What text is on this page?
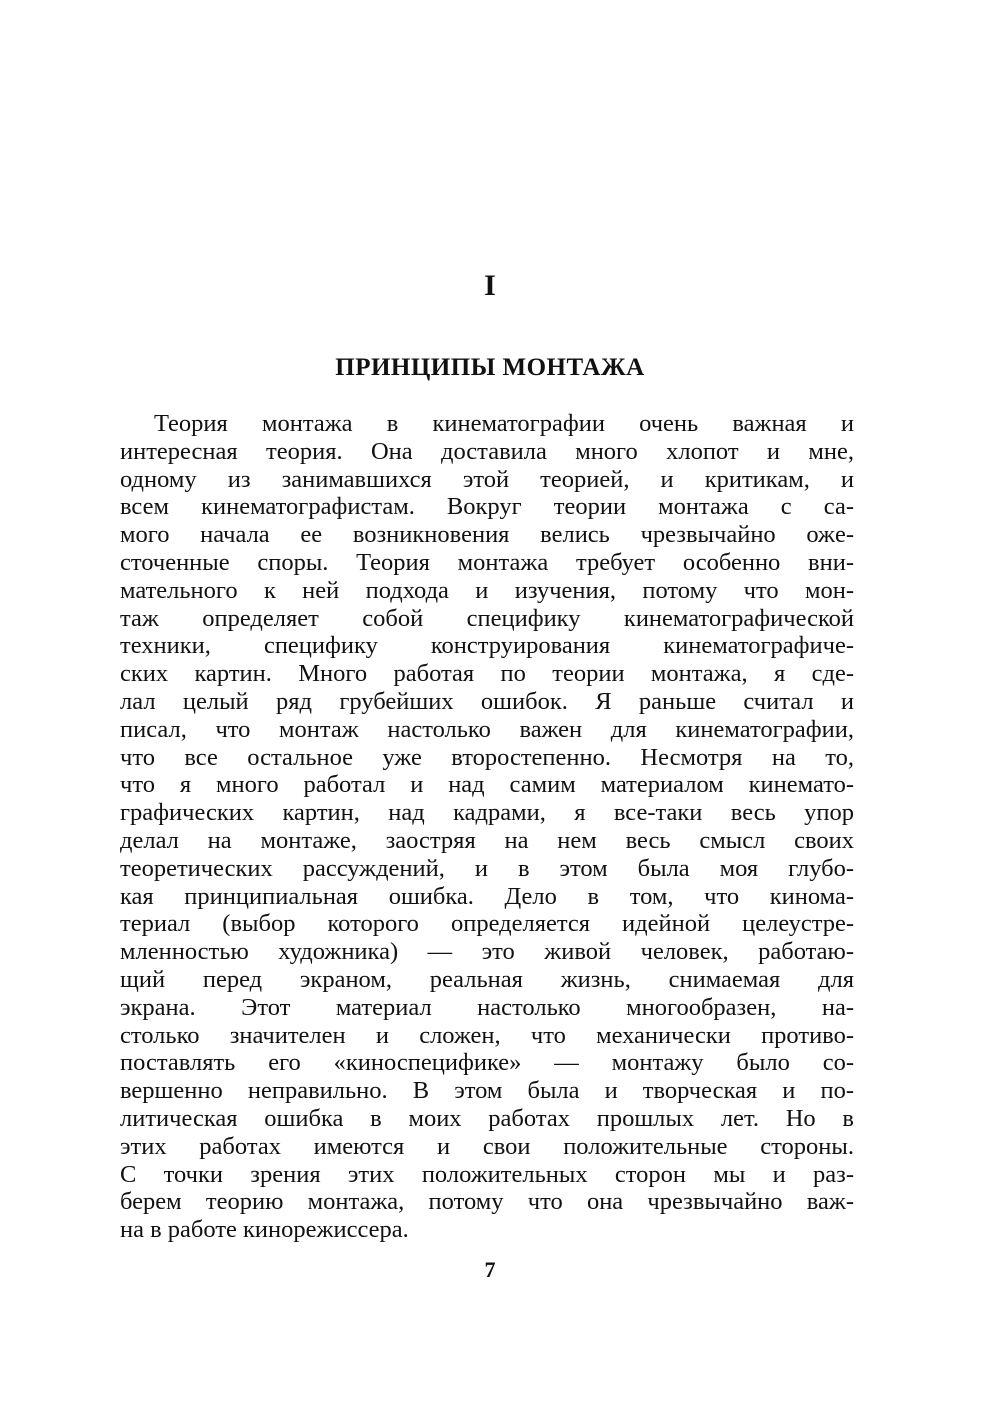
I
ПРИНЦИПЫ МОНТАЖА
Теория монтажа в кинематографии очень важная и
интересная теория. Она доставила много хлопот и мне,
одному из занимавшихся этой теорией, и критикам, и
всем кинематографистам. Вокруг теории монтажа с са-
мого начала ее возникновения велись чрезвычайно ожe-
сточенные споры. Теория монтажа требует особенно вни-
мательного к ней подхода и изучения, потому что мон-
таж определяет собой специфику кинематографической
техники, специфику конструирования кинематографиче-
ских картин. Много работая по теории монтажа, я сде-
лал целый ряд грубейших ошибок. Я раньше считал и
писал, что монтаж настолько важен для кинематографии,
что все остальное уже второстепенно. Несмотря на то,
что я много работал и над самим материалом кинемато-
графических картин, над кадрами, я все-таки весь упор
делал на монтаже, заостряя на нем весь смысл своих
теоретических рассуждений, и в этом была моя глубо-
кая принципиальная ошибка. Дело в том, что кинома-
териал (выбор которого определяется идейной целеустре-
мленностью художника) — это живой человек, работаю-
щий перед экраном, реальная жизнь, снимаемая для
экрана. Этот материал настолько многообразен, на-
столько значителен и сложен, что механически противо-
поставлять его «киноспецифике» — монтажу было со-
вершенно неправильно. В этом была и творческая и по-
литическая ошибка в моих работах прошлых лет. Но в
этих работах имеются и свои положительные стороны.
С точки зрения этих положительных сторон мы и раз-
берем теорию монтажа, потому что она чрезвычайно важ-
на в работе кинорежиссера.
7
